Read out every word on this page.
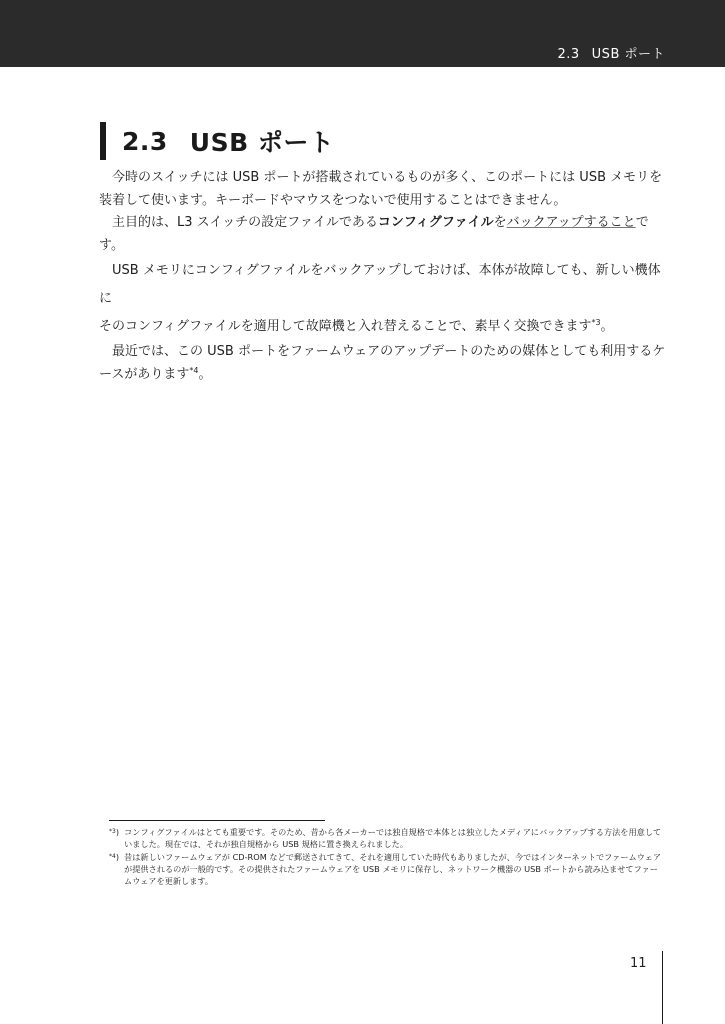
2.3 USB ポート
2.3 USB ポート

今時のスイッチには USB ポートが搭載されているものが多く、このポートには USB メモリを装着して使います。キーボードやマウスをつないで使用することはできません。

主目的は、L3 スイッチの設定ファイルであるコンフィグファイルをバックアップすることです。

USB メモリにコンフィグファイルをバックアップしておけば、本体が故障しても、新しい機体に

そのコンフィグファイルを適用して故障機と入れ替えることで、素早く交換できます$^{*3}$。

最近では、この USB ポートをファームウェアのアップデートのための媒体としても利用するケースがあります$^{*4}$。

$^{*3}$) コンフィグファイルはとても重要です。そのため、昔から各メーカーでは独自規格で本体とは独立したメディアにバックアップする方法を用意していました。現在では、それが独自規格から USB 規格に置き換えられました。
$^{*4}$) 昔は新しいファームウェアが CD-ROM などで郵送されてきて、それを適用していた時代もありましたが、今ではインターネットでファームウェアが提供されるのが一般的です。その提供されたファームウェアを USB メモリに保存し、ネットワーク機器の USB ポートから読み込ませてファームウェアを更新します。
11
